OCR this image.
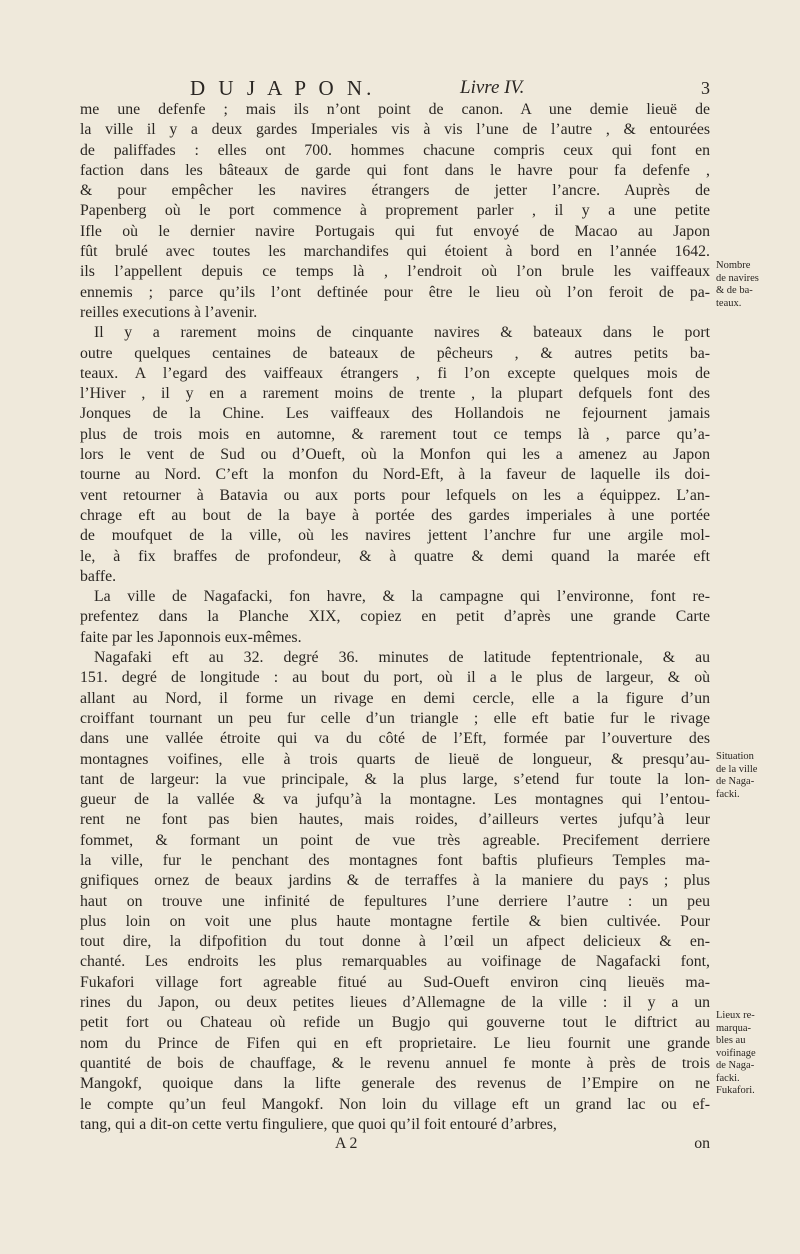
D U J A P O N.	Livre IV.	3
me une defenfe ; mais ils n’ont point de canon. A une demie lieuë de
la ville il y a deux gardes Imperiales vis à vis l’une de l’autre , & entourées
de paliffades : elles ont 700. hommes chacune compris ceux qui font en
faction dans les bâteaux de garde qui font dans le havre pour fa defenfe ,
& pour empêcher les navires étrangers de jetter l’ancre. Auprès de
Papenberg où le port commence à proprement parler , il y a une petite
Ifle où le dernier navire Portugais qui fut envoyé de Macao au Japon
fût brulé avec toutes les marchandifes qui étoient à bord en l’année 1642.
ils l’appellent depuis ce temps là , l’endroit où l’on brule les vaiffeaux
ennemis ; parce qu’ils l’ont deftinée pour être le lieu où l’on feroit de pa-
reilles executions à l’avenir.
Il y a rarement moins de cinquante navires & bateaux dans le port
outre quelques centaines de bateaux de pêcheurs , & autres petits ba-
teaux. A l’egard des vaiffeaux étrangers , fi l’on excepte quelques mois de
l’Hiver , il y en a rarement moins de trente , la plupart defquels font des
Jonques de la Chine. Les vaiffeaux des Hollandois ne fejournent jamais
plus de trois mois en automne, & rarement tout ce temps là , parce qu’a-
lors le vent de Sud ou d’Oueft, où la Monfon qui les a amenez au Japon
tourne au Nord. C’eft la monfon du Nord-Eft, à la faveur de laquelle ils doi-
vent retourner à Batavia ou aux ports pour lefquels on les a équippez. L’an-
chrage eft au bout de la baye à portée des gardes imperiales à une portée
de moufquet de la ville, où les navires jettent l’anchre fur une argile mol-
le, à fix braffes de profondeur, & à quatre & demi quand la marée eft
baffe.
La ville de Nagafacki, fon havre, & la campagne qui l’environne, font re-
prefentez dans la Planche XIX, copiez en petit d’après une grande Carte
faite par les Japonnois eux-mêmes.
Nagafaki eft au 32. degré 36. minutes de latitude feptentrionale, & au
151. degré de longitude : au bout du port, où il a le plus de largeur, & où
allant au Nord, il forme un rivage en demi cercle, elle a la figure d’un
croiffant tournant un peu fur celle d’un triangle ; elle eft batie fur le rivage
dans une vallée étroite qui va du côté de l’Eft, formée par l’ouverture des
montagnes voifines, elle à trois quarts de lieuë de longueur, & presqu’au-
tant de largeur: la vue principale, & la plus large, s’etend fur toute la lon-
gueur de la vallée & va jufqu’à la montagne. Les montagnes qui l’entou-
rent ne font pas bien hautes, mais roides, d’ailleurs vertes jufqu’à leur
fommet, & formant un point de vue très agreable. Precifement derriere
la ville, fur le penchant des montagnes font baftis plufieurs Temples ma-
gnifiques ornez de beaux jardins & de terraffes à la maniere du pays ; plus
haut on trouve une infinité de fepultures l’une derriere l’autre : un peu
plus loin on voit une plus haute montagne fertile & bien cultivée. Pour
tout dire, la difpofition du tout donne à l’œil un afpect delicieux & en-
chanté. Les endroits les plus remarquables au voifinage de Nagafacki font,
Fukafori village fort agreable fitué au Sud-Oueft environ cinq lieuës ma-
rines du Japon, ou deux petites lieues d’Allemagne de la ville : il y a un
petit fort ou Chateau où refide un Bugjo qui gouverne tout le diftrict au
nom du Prince de Fifen qui en eft proprietaire. Le lieu fournit une grande
quantité de bois de chauffage, & le revenu annuel fe monte à près de trois
Mangokf, quoique dans la lifte generale des revenus de l’Empire on ne
le compte qu’un feul Mangokf. Non loin du village eft un grand lac ou ef-
tang, qui a dit-on cette vertu finguliere, que quoi qu’il foit entouré d’arbres,
Nombre
de navires
& de ba-
teaux.
Situation
de la ville
de Naga-
facki.
Lieux re-
marqua-
bles au
voifinage
de Naga-
facki.
Fukafori.
A 2	on
